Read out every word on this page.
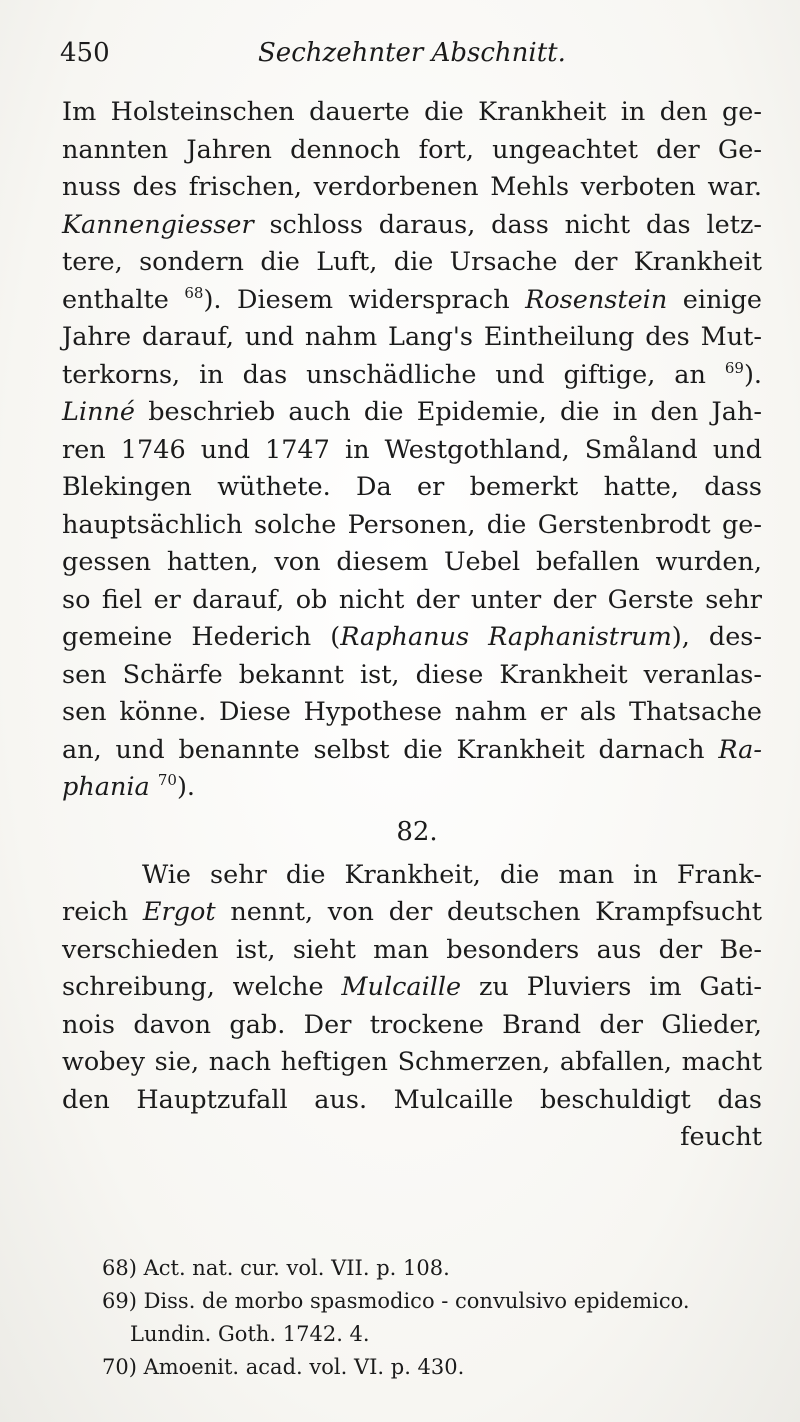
450	Sechzehnter Abschnitt.
Im Holsteinschen dauerte die Krankheit in den ge-
nannten Jahren dennoch fort, ungeachtet der Ge-
nuss des frischen, verdorbenen Mehls verboten war.
Kannengiesser schloss daraus, dass nicht das letz-
tere, sondern die Luft, die Ursache der Krankheit
enthalte $^{68}$). Diesem widersprach Rosenstein einige
Jahre darauf, und nahm Lang's Eintheilung des Mut-
terkorns, in das unschädliche und giftige, an $^{69}$).
Linné beschrieb auch die Epidemie, die in den Jah-
ren 1746 und 1747 in Westgothland, Småland und
Blekingen wüthete. Da er bemerkt hatte, dass
hauptsächlich solche Personen, die Gerstenbrodt ge-
gessen hatten, von diesem Uebel befallen wurden,
so fiel er darauf, ob nicht der unter der Gerste sehr
gemeine Hederich (Raphanus Raphanistrum), des-
sen Schärfe bekannt ist, diese Krankheit veranlas-
sen könne. Diese Hypothese nahm er als Thatsache
an, und benannte selbst die Krankheit darnach Ra-
phania $^{70}$).
82.
Wie sehr die Krankheit, die man in Frank-
reich Ergot nennt, von der deutschen Krampfsucht
verschieden ist, sieht man besonders aus der Be-
schreibung, welche Mulcaille zu Pluviers im Gati-
nois davon gab. Der trockene Brand der Glieder,
wobey sie, nach heftigen Schmerzen, abfallen, macht
den Hauptzufall aus. Mulcaille beschuldigt das
feucht
68) Act. nat. cur. vol. VII. p. 108.
69) Diss. de morbo spasmodico - convulsivo epidemico.
Lundin. Goth. 1742. 4.
70) Amoenit. acad. vol. VI. p. 430.
